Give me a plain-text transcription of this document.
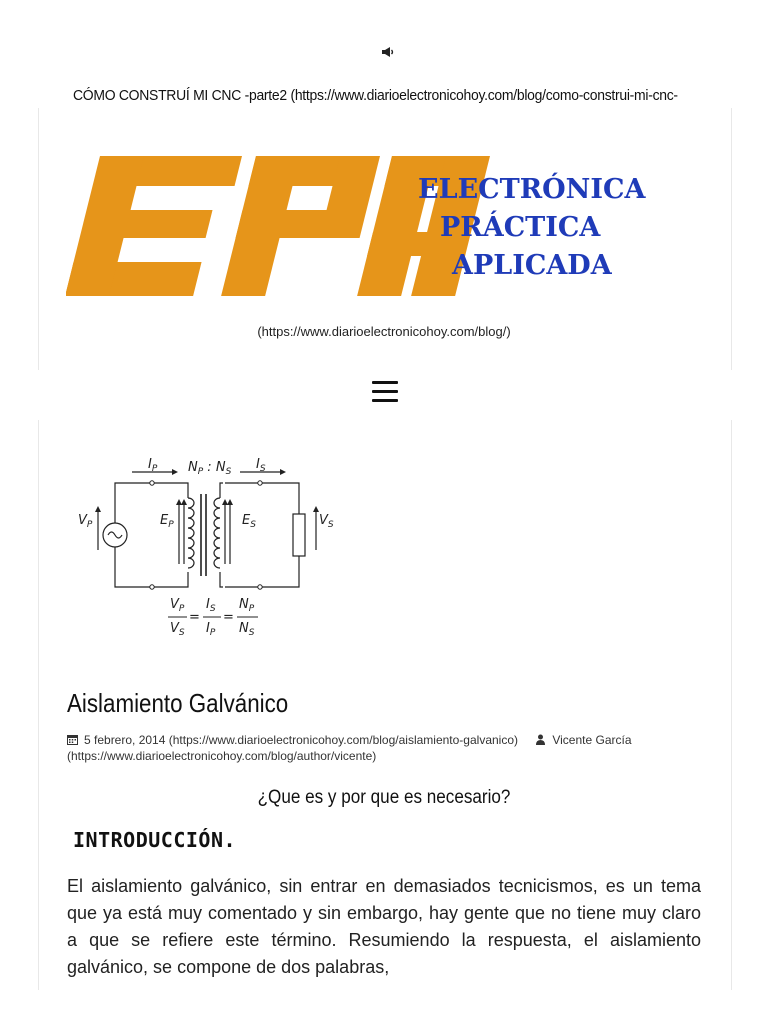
CÓMO CONSTRUÍ MI CNC -parte2 (https://www.diarioelectronicohoy.com/blog/como-construi-mi-cnc-
ELECTRÓNICA
PRÁCTICA
APLICADA
(https://www.diarioelectronicohoy.com/blog/)
$I_P$	$I_S$
$N_P$ : $N_S$
$V_P$	$E_P$	$E_S$	$V_S$
$V_P$
$V_S$
=
$I_S$
$I_P$
=
$N_P$
$N_S$
Aislamiento Galvánico
5 febrero, 2014 (https://www.diarioelectronicohoy.com/blog/aislamiento-galvanico)	Vicente García
(https://www.diarioelectronicohoy.com/blog/author/vicente)
¿Que es y por que es necesario?
INTRODUCCIÓN.
El aislamiento galvánico, sin entrar en demasiados tecnicismos, es un tema que ya está muy comentado y sin embargo, hay gente que no tiene muy claro a que se refiere este término. Resumiendo la respuesta, el aislamiento galvánico, se compone de dos palabras,
